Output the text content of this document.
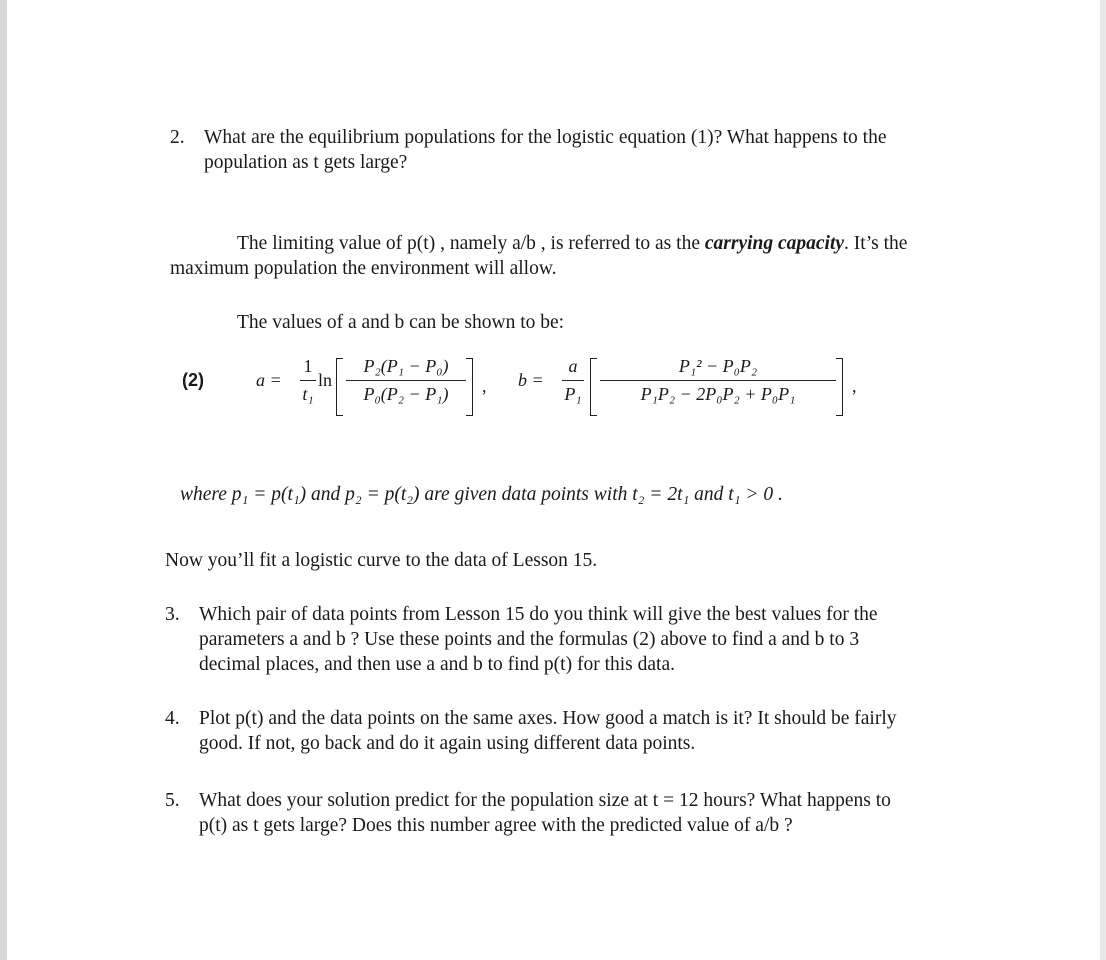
2. What are the equilibrium populations for the logistic equation (1)? What happens to the
population as t gets large?
The limiting value of p(t) , namely a/b , is referred to as the carrying capacity. It’s the
maximum population the environment will allow.
The values of a and b can be shown to be:
(2)	a =
1
t₁
ln
P₂(P₁ − P₀)
P₀(P₂ − P₁)	, b =
a
P₁
P₁² − P₀P₂
P₁P₂ − 2P₀P₂ + P₀P₁	,
where p₁ = p(t₁) and p₂ = p(t₂) are given data points with t₂ = 2t₁ and t₁ > 0 .
Now you’ll fit a logistic curve to the data of Lesson 15.
3. Which pair of data points from Lesson 15 do you think will give the best values for the
parameters a and b ? Use these points and the formulas (2) above to find a and b to 3
decimal places, and then use a and b to find p(t) for this data.
4. Plot p(t) and the data points on the same axes. How good a match is it? It should be fairly
good. If not, go back and do it again using different data points.
5. What does your solution predict for the population size at t = 12 hours? What happens to
p(t) as t gets large? Does this number agree with the predicted value of a/b ?
